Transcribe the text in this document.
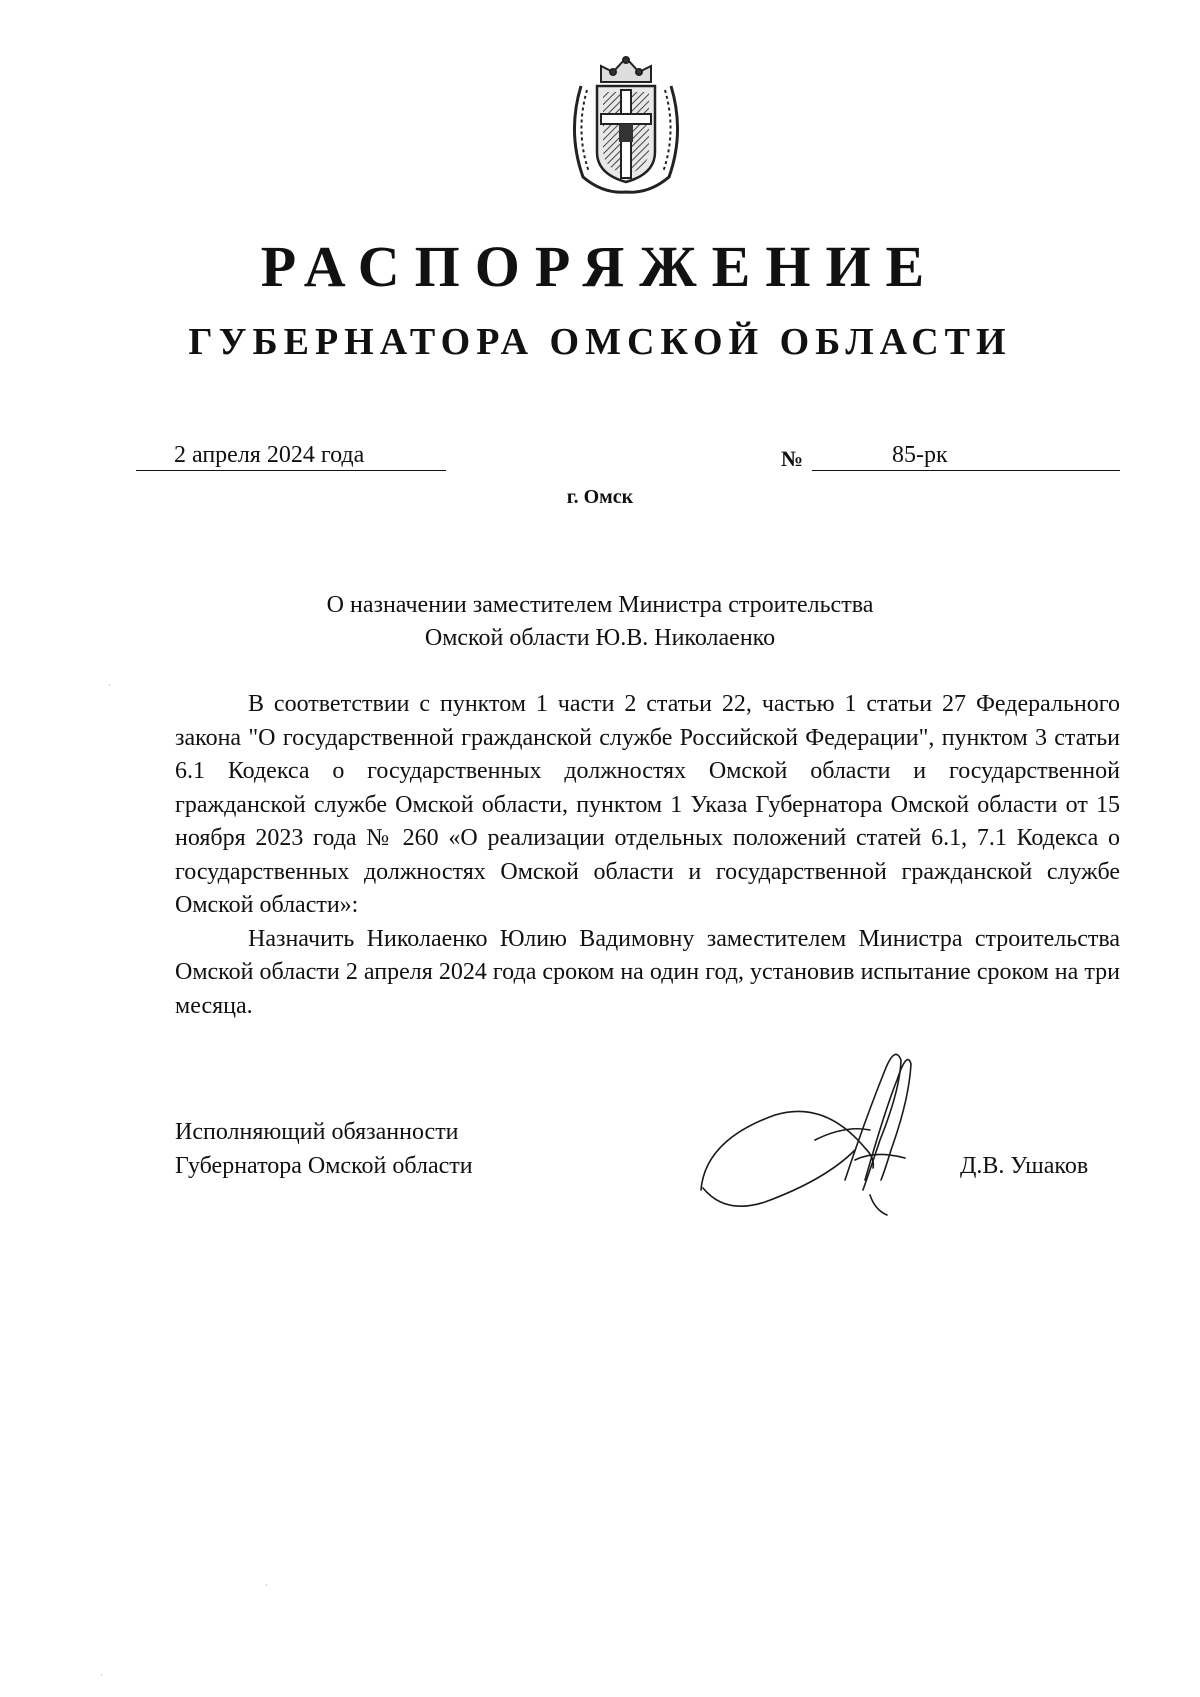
РАСПОРЯЖЕНИЕ
ГУБЕРНАТОРА ОМСКОЙ ОБЛАСТИ
2 апреля 2024 года	№	85-рк
г. Омск
О назначении заместителем Министра строительства
Омской области Ю.В. Николаенко

В соответствии с пунктом 1 части 2 статьи 22, частью 1 статьи 27 Федерального закона "О государственной гражданской службе Российской Федерации", пунктом 3 статьи 6.1 Кодекса о государственных должностях Омской области и государственной гражданской службе Омской области, пунктом 1 Указа Губернатора Омской области от 15 ноября 2023 года № 260 «О реализации отдельных положений статей 6.1, 7.1 Кодекса о государственных должностях Омской области и государственной гражданской службе Омской области»:

Назначить Николаенко Юлию Вадимовну заместителем Министра строительства Омской области 2 апреля 2024 года сроком на один год, установив испытание сроком на три месяца.

Исполняющий обязанности
Губернатора Омской области	Д.В. Ушаков
·
·
·
